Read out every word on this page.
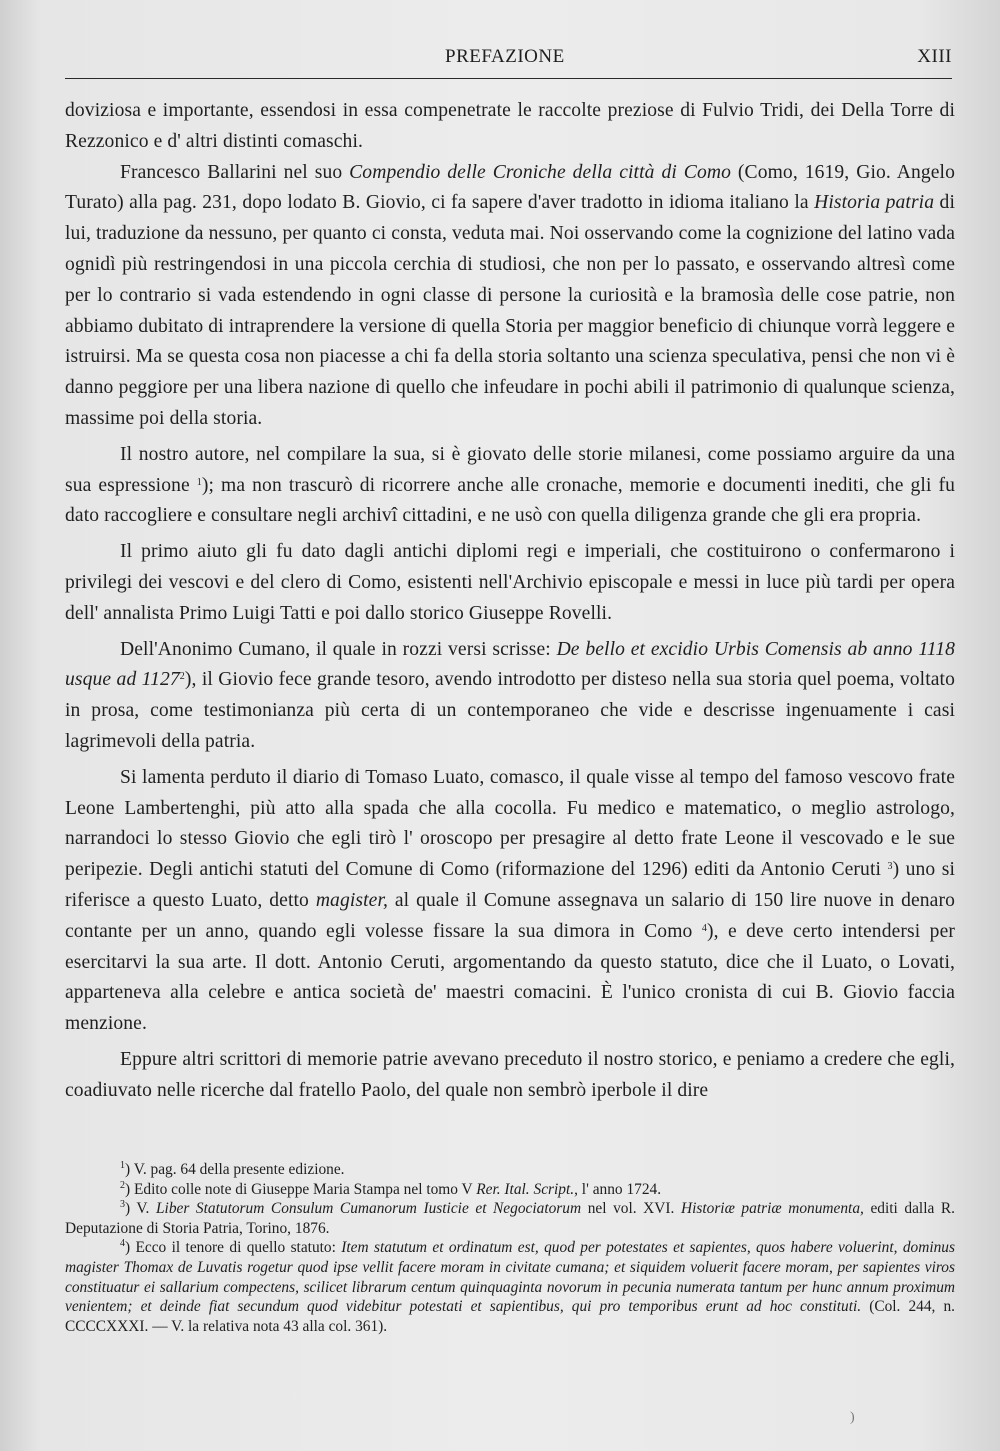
PREFAZIONE	XIII

doviziosa e importante, essendosi in essa compenetrate le raccolte preziose di Fulvio Tridi, dei Della Torre di Rezzonico e d' altri distinti comaschi.

Francesco Ballarini nel suo Compendio delle Croniche della città di Como (Como, 1619, Gio. Angelo Turato) alla pag. 231, dopo lodato B. Giovio, ci fa sapere d'aver tradotto in idioma italiano la Historia patria di lui, traduzione da nessuno, per quanto ci consta, veduta mai. Noi osservando come la cognizione del latino vada ognidì più restringendosi in una piccola cerchia di studiosi, che non per lo passato, e osservando altresì come per lo contrario si vada estendendo in ogni classe di persone la curiosità e la bramosìa delle cose patrie, non abbiamo dubitato di intraprendere la versione di quella Storia per maggior beneficio di chiunque vorrà leggere e istruirsi. Ma se questa cosa non piacesse a chi fa della storia soltanto una scienza speculativa, pensi che non vi è danno peggiore per una libera nazione di quello che infeudare in pochi abili il patrimonio di qualunque scienza, massime poi della storia.

Il nostro autore, nel compilare la sua, si è giovato delle storie milanesi, come possiamo arguire da una sua espressione $^1$); ma non trascurò di ricorrere anche alle cronache, memorie e documenti inediti, che gli fu dato raccogliere e consultare negli archivî cittadini, e ne usò con quella diligenza grande che gli era propria.

Il primo aiuto gli fu dato dagli antichi diplomi regi e imperiali, che costituirono o confermarono i privilegi dei vescovi e del clero di Como, esistenti nell'Archivio episcopale e messi in luce più tardi per opera dell' annalista Primo Luigi Tatti e poi dallo storico Giuseppe Rovelli.

Dell'Anonimo Cumano, il quale in rozzi versi scrisse: De bello et excidio Urbis Comensis ab anno 1118 usque ad 1127$^2$), il Giovio fece grande tesoro, avendo introdotto per disteso nella sua storia quel poema, voltato in prosa, come testimonianza più certa di un contemporaneo che vide e descrisse ingenuamente i casi lagrimevoli della patria.

Si lamenta perduto il diario di Tomaso Luato, comasco, il quale visse al tempo del famoso vescovo frate Leone Lambertenghi, più atto alla spada che alla cocolla. Fu medico e matematico, o meglio astrologo, narrandoci lo stesso Giovio che egli tirò l' oroscopo per presagire al detto frate Leone il vescovado e le sue peripezie. Degli antichi statuti del Comune di Como (riformazione del 1296) editi da Antonio Ceruti $^3$) uno si riferisce a questo Luato, detto magister, al quale il Comune assegnava un salario di 150 lire nuove in denaro contante per un anno, quando egli volesse fissare la sua dimora in Como $^4$), e deve certo intendersi per esercitarvi la sua arte. Il dott. Antonio Ceruti, argomentando da questo statuto, dice che il Luato, o Lovati, apparteneva alla celebre e antica società de' maestri comacini. È l'unico cronista di cui B. Giovio faccia menzione.

Eppure altri scrittori di memorie patrie avevano preceduto il nostro storico, e peniamo a credere che egli, coadiuvato nelle ricerche dal fratello Paolo, del quale non sembrò iperbole il dire

$^1$) V. pag. 64 della presente edizione.

$^2$) Edito colle note di Giuseppe Maria Stampa nel tomo V Rer. Ital. Script., l' anno 1724.

$^3$) V. Liber Statutorum Consulum Cumanorum Iusticie et Negociatorum nel vol. XVI. Historiæ patriæ monumenta, editi dalla R. Deputazione di Storia Patria, Torino, 1876.

$^4$) Ecco il tenore di quello statuto: Item statutum et ordinatum est, quod per potestates et sapientes, quos habere voluerint, dominus magister Thomax de Luvatis rogetur quod ipse vellit facere moram in civitate cumana; et siquidem voluerit facere moram, per sapientes viros constituatur ei sallarium compectens, scilicet librarum centum quinquaginta novorum in pecunia numerata tantum per hunc annum proximum venientem; et deinde fiat secundum quod videbitur potestati et sapientibus, qui pro temporibus erunt ad hoc constituti. (Col. 244, n. CCCCXXXI. — V. la relativa nota 43 alla col. 361).

)
